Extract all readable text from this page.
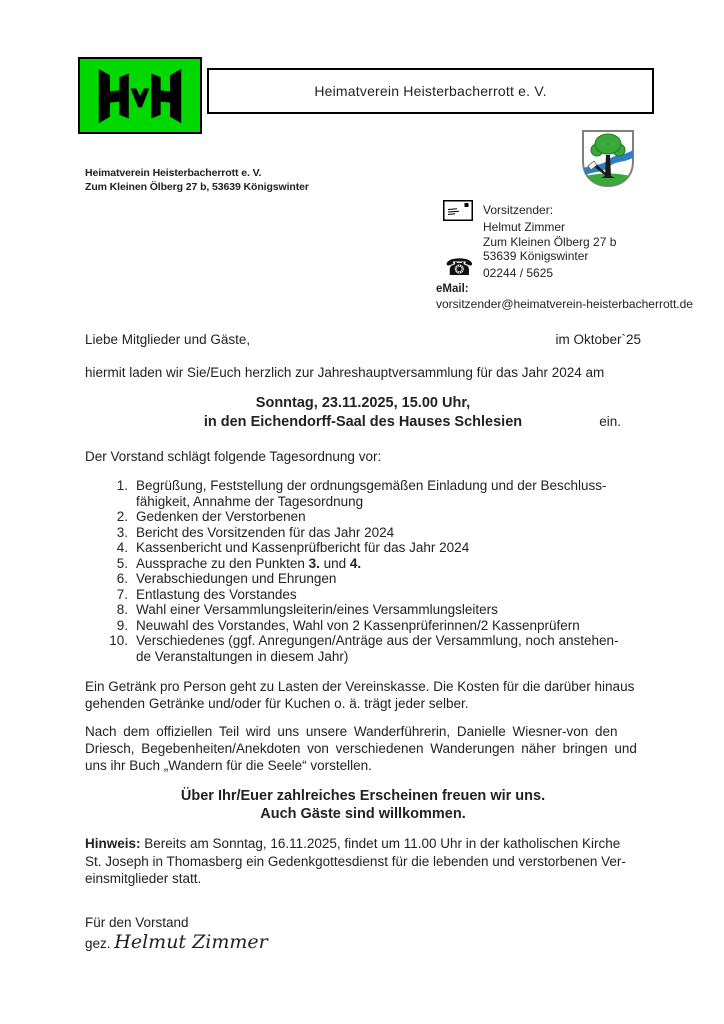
Heimatverein Heisterbacherrott e. V.
Heimatverein Heisterbacherrott e. V.
Zum Kleinen Ölberg 27 b, 53639 Königswinter
Vorsitzender:
Helmut Zimmer
Zum Kleinen Ölberg 27 b
53639 Königswinter
☎ 02244 / 5625
eMail:
vorsitzender@heimatverein-heisterbacherrott.de
Liebe Mitglieder und Gäste,	im Oktober`25
hiermit laden wir Sie/Euch herzlich zur Jahreshauptversammlung für das Jahr 2024 am
Sonntag, 23.11.2025, 15.00 Uhr,
in den Eichendorff-Saal des Hauses Schlesien	ein.
Der Vorstand schlägt folgende Tagesordnung vor:
1. Begrüßung, Feststellung der ordnungsgemäßen Einladung und der Beschluss-
fähigkeit, Annahme der Tagesordnung
2. Gedenken der Verstorbenen
3. Bericht des Vorsitzenden für das Jahr 2024
4. Kassenbericht und Kassenprüfbericht für das Jahr 2024
5. Aussprache zu den Punkten 3. und 4.
6. Verabschiedungen und Ehrungen
7. Entlastung des Vorstandes
8. Wahl einer Versammlungsleiterin/eines Versammlungsleiters
9. Neuwahl des Vorstandes, Wahl von 2 Kassenprüferinnen/2 Kassenprüfern
10. Verschiedenes (ggf. Anregungen/Anträge aus der Versammlung, noch anstehen-
de Veranstaltungen in diesem Jahr)
Ein Getränk pro Person geht zu Lasten der Vereinskasse. Die Kosten für die darüber hinaus
gehenden Getränke und/oder für Kuchen o. ä. trägt jeder selber.
Nach dem offiziellen Teil wird uns unsere Wanderführerin, Danielle Wiesner-von den
Driesch, Begebenheiten/Anekdoten von verschiedenen Wanderungen näher bringen und
uns ihr Buch „Wandern für die Seele“ vorstellen.
Über Ihr/Euer zahlreiches Erscheinen freuen wir uns.
Auch Gäste sind willkommen.
Hinweis: Bereits am Sonntag, 16.11.2025, findet um 11.00 Uhr in der katholischen Kirche
St. Joseph in Thomasberg ein Gedenkgottesdienst für die lebenden und verstorbenen Ver-
einsmitglieder statt.
Für den Vorstand
gez. Helmut Zimmer
